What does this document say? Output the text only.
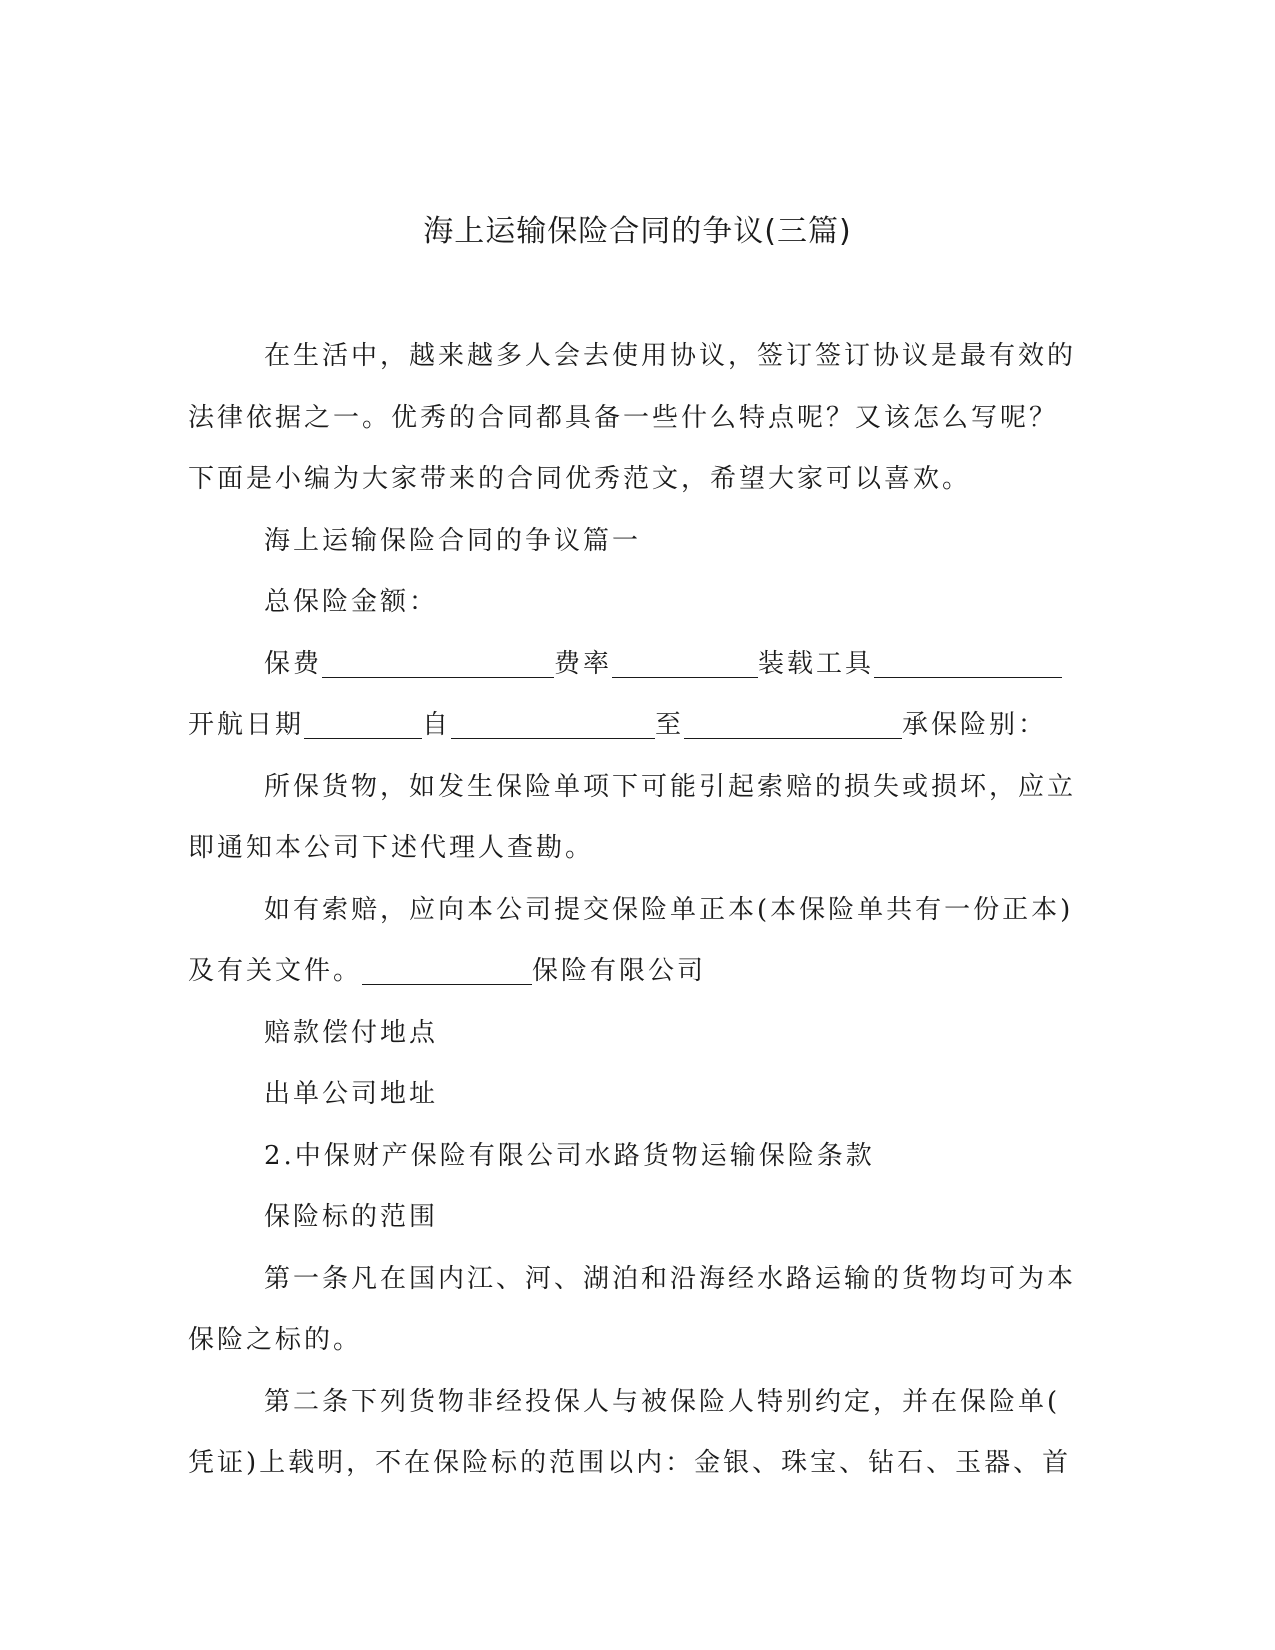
海上运输保险合同的争议(三篇)

在生活中，越来越多人会去使用协议，签订签订协议是最有效的

法律依据之一。优秀的合同都具备一些什么特点呢？又该怎么写呢？

下面是小编为大家带来的合同优秀范文，希望大家可以喜欢。

海上运输保险合同的争议篇一

总保险金额：

保费	费率	装载工具

开航日期	自	至	承保险别：

所保货物，如发生保险单项下可能引起索赔的损失或损坏，应立

即通知本公司下述代理人查勘。

如有索赔，应向本公司提交保险单正本(本保险单共有一份正本)

及有关文件。	保险有限公司

赔款偿付地点

出单公司地址

2.中保财产保险有限公司水路货物运输保险条款

保险标的范围

第一条凡在国内江、河、湖泊和沿海经水路运输的货物均可为本

保险之标的。

第二条下列货物非经投保人与被保险人特别约定，并在保险单(

凭证)上载明，不在保险标的范围以内：金银、珠宝、钻石、玉器、首
